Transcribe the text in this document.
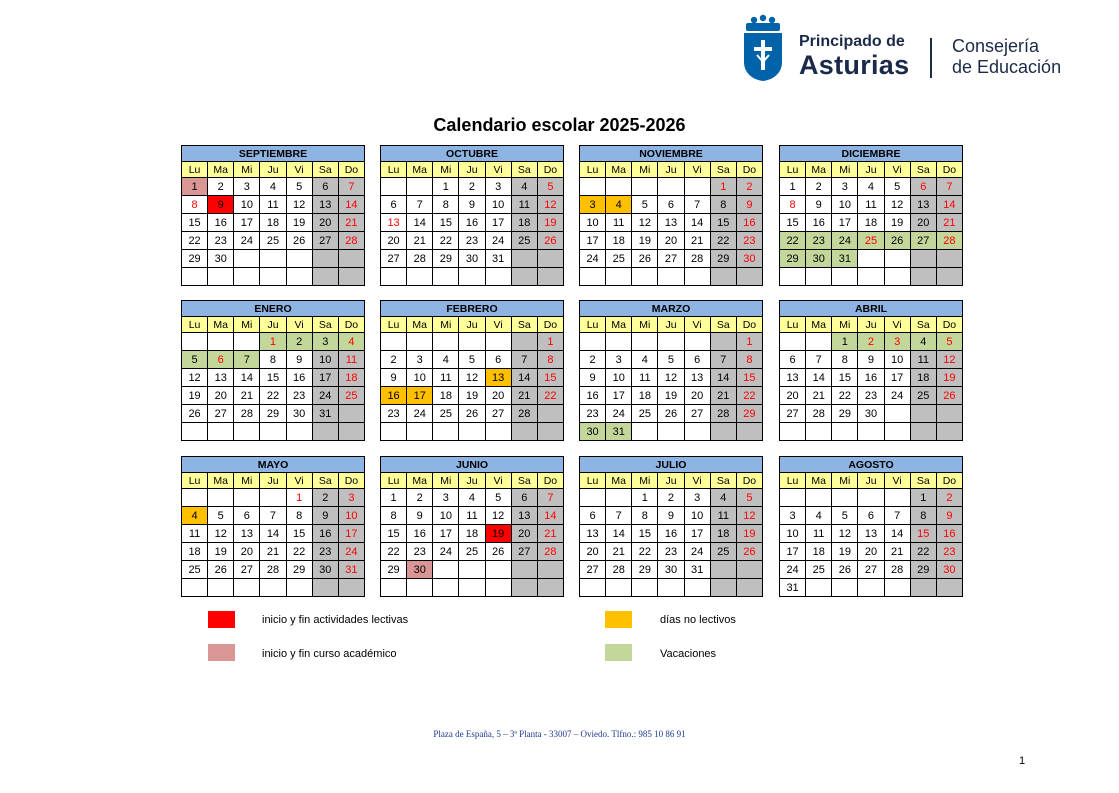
Principado de
Asturias
Consejería
de Educación
Calendario escolar 2025-2026
SEPTIEMBRE						
Lu	Ma	Mi	Ju	Vi	Sa	Do
1	2	3	4	5	6	7
8	9	10	11	12	13	14
15	16	17	18	19	20	21
22	23	24	25	26	27	28
29	30					

OCTUBRE						
Lu	Ma	Mi	Ju	Vi	Sa	Do
		1	2	3	4	5
6	7	8	9	10	11	12
13	14	15	16	17	18	19
20	21	22	23	24	25	26
27	28	29	30	31		

NOVIEMBRE						
Lu	Ma	Mi	Ju	Vi	Sa	Do
					1	2
3	4	5	6	7	8	9
10	11	12	13	14	15	16
17	18	19	20	21	22	23
24	25	26	27	28	29	30

DICIEMBRE						
Lu	Ma	Mi	Ju	Vi	Sa	Do
1	2	3	4	5	6	7
8	9	10	11	12	13	14
15	16	17	18	19	20	21
22	23	24	25	26	27	28
29	30	31				

ENERO						
Lu	Ma	Mi	Ju	Vi	Sa	Do
			1	2	3	4
5	6	7	8	9	10	11
12	13	14	15	16	17	18
19	20	21	22	23	24	25
26	27	28	29	30	31	

FEBRERO						
Lu	Ma	Mi	Ju	Vi	Sa	Do
						1
2	3	4	5	6	7	8
9	10	11	12	13	14	15
16	17	18	19	20	21	22
23	24	25	26	27	28	

MARZO						
Lu	Ma	Mi	Ju	Vi	Sa	Do
						1
2	3	4	5	6	7	8
9	10	11	12	13	14	15
16	17	18	19	20	21	22
23	24	25	26	27	28	29
30	31					
ABRIL						
Lu	Ma	Mi	Ju	Vi	Sa	Do
		1	2	3	4	5
6	7	8	9	10	11	12
13	14	15	16	17	18	19
20	21	22	23	24	25	26
27	28	29	30			

MAYO						
Lu	Ma	Mi	Ju	Vi	Sa	Do
				1	2	3
4	5	6	7	8	9	10
11	12	13	14	15	16	17
18	19	20	21	22	23	24
25	26	27	28	29	30	31

JUNIO						
Lu	Ma	Mi	Ju	Vi	Sa	Do
1	2	3	4	5	6	7
8	9	10	11	12	13	14
15	16	17	18	19	20	21
22	23	24	25	26	27	28
29	30					

JULIO						
Lu	Ma	Mi	Ju	Vi	Sa	Do
		1	2	3	4	5
6	7	8	9	10	11	12
13	14	15	16	17	18	19
20	21	22	23	24	25	26
27	28	29	30	31		

AGOSTO						
Lu	Ma	Mi	Ju	Vi	Sa	Do
					1	2
3	4	5	6	7	8	9
10	11	12	13	14	15	16
17	18	19	20	21	22	23
24	25	26	27	28	29	30
31						
inicio y fin actividades lectivas
inicio y fin curso académico
días no lectivos
Vacaciones
Plaza de España, 5 – 3ª Planta - 33007 – Oviedo. Tlfno.: 985 10 86 91
1
